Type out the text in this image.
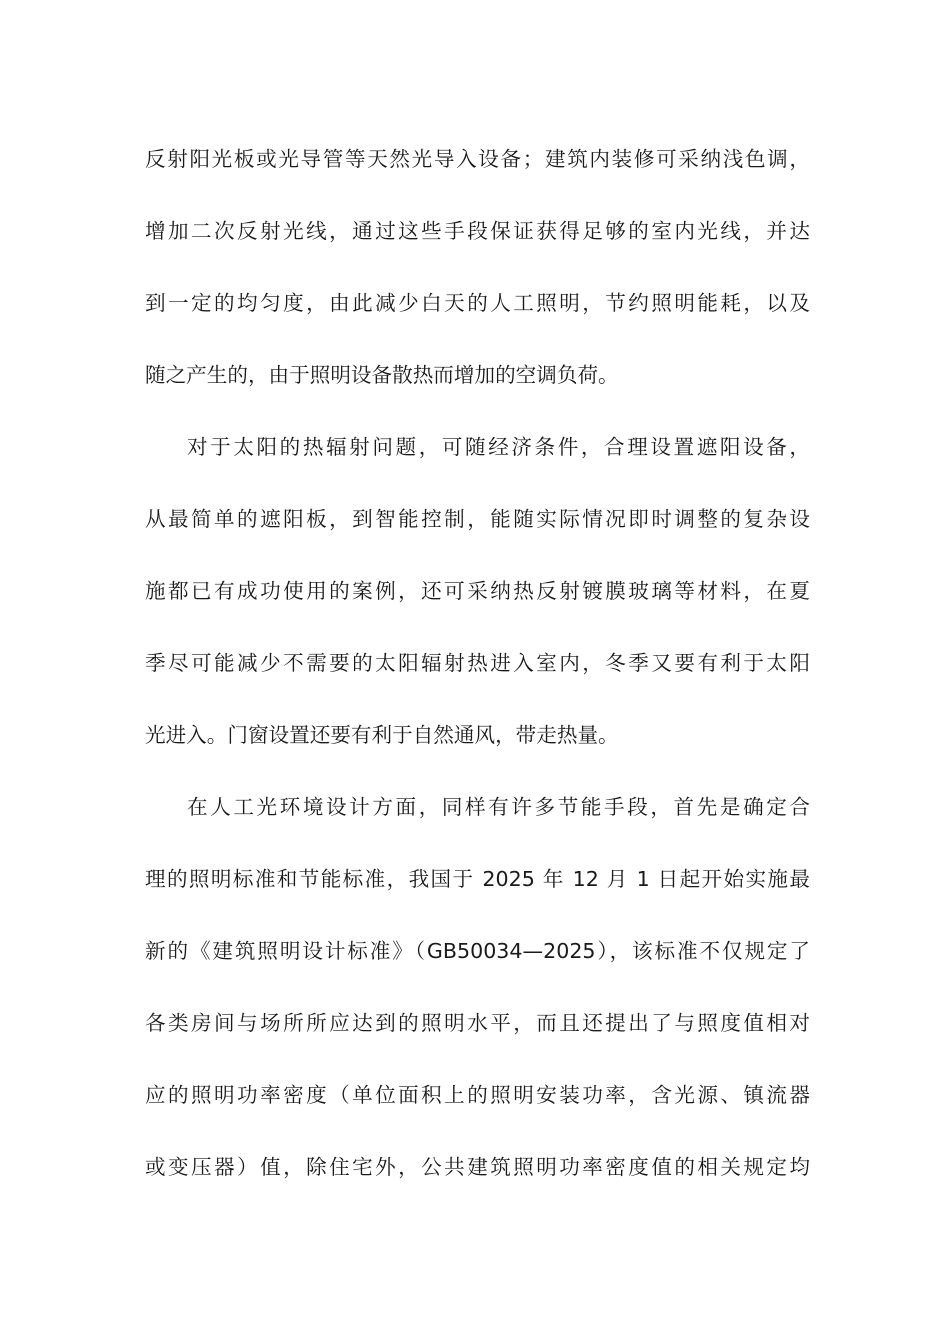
反射阳光板或光导管等天然光导入设备；建筑内装修可采纳浅色调，
增加二次反射光线，通过这些手段保证获得足够的室内光线，并达
到一定的均匀度，由此减少白天的人工照明，节约照明能耗，以及
随之产生的，由于照明设备散热而增加的空调负荷。
对于太阳的热辐射问题，可随经济条件，合理设置遮阳设备，
从最简单的遮阳板，到智能控制，能随实际情况即时调整的复杂设
施都已有成功使用的案例，还可采纳热反射镀膜玻璃等材料，在夏
季尽可能减少不需要的太阳辐射热进入室内，冬季又要有利于太阳
光进入。门窗设置还要有利于自然通风，带走热量。
在人工光环境设计方面，同样有许多节能手段，首先是确定合
理的照明标准和节能标准，我国于 2025 年 12 月 1 日起开始实施最
新的《建筑照明设计标准》（GB50034—2025），该标准不仅规定了
各类房间与场所所应达到的照明水平，而且还提出了与照度值相对
应的照明功率密度（单位面积上的照明安装功率，含光源、镇流器
或变压器）值，除住宅外，公共建筑照明功率密度值的相关规定均
